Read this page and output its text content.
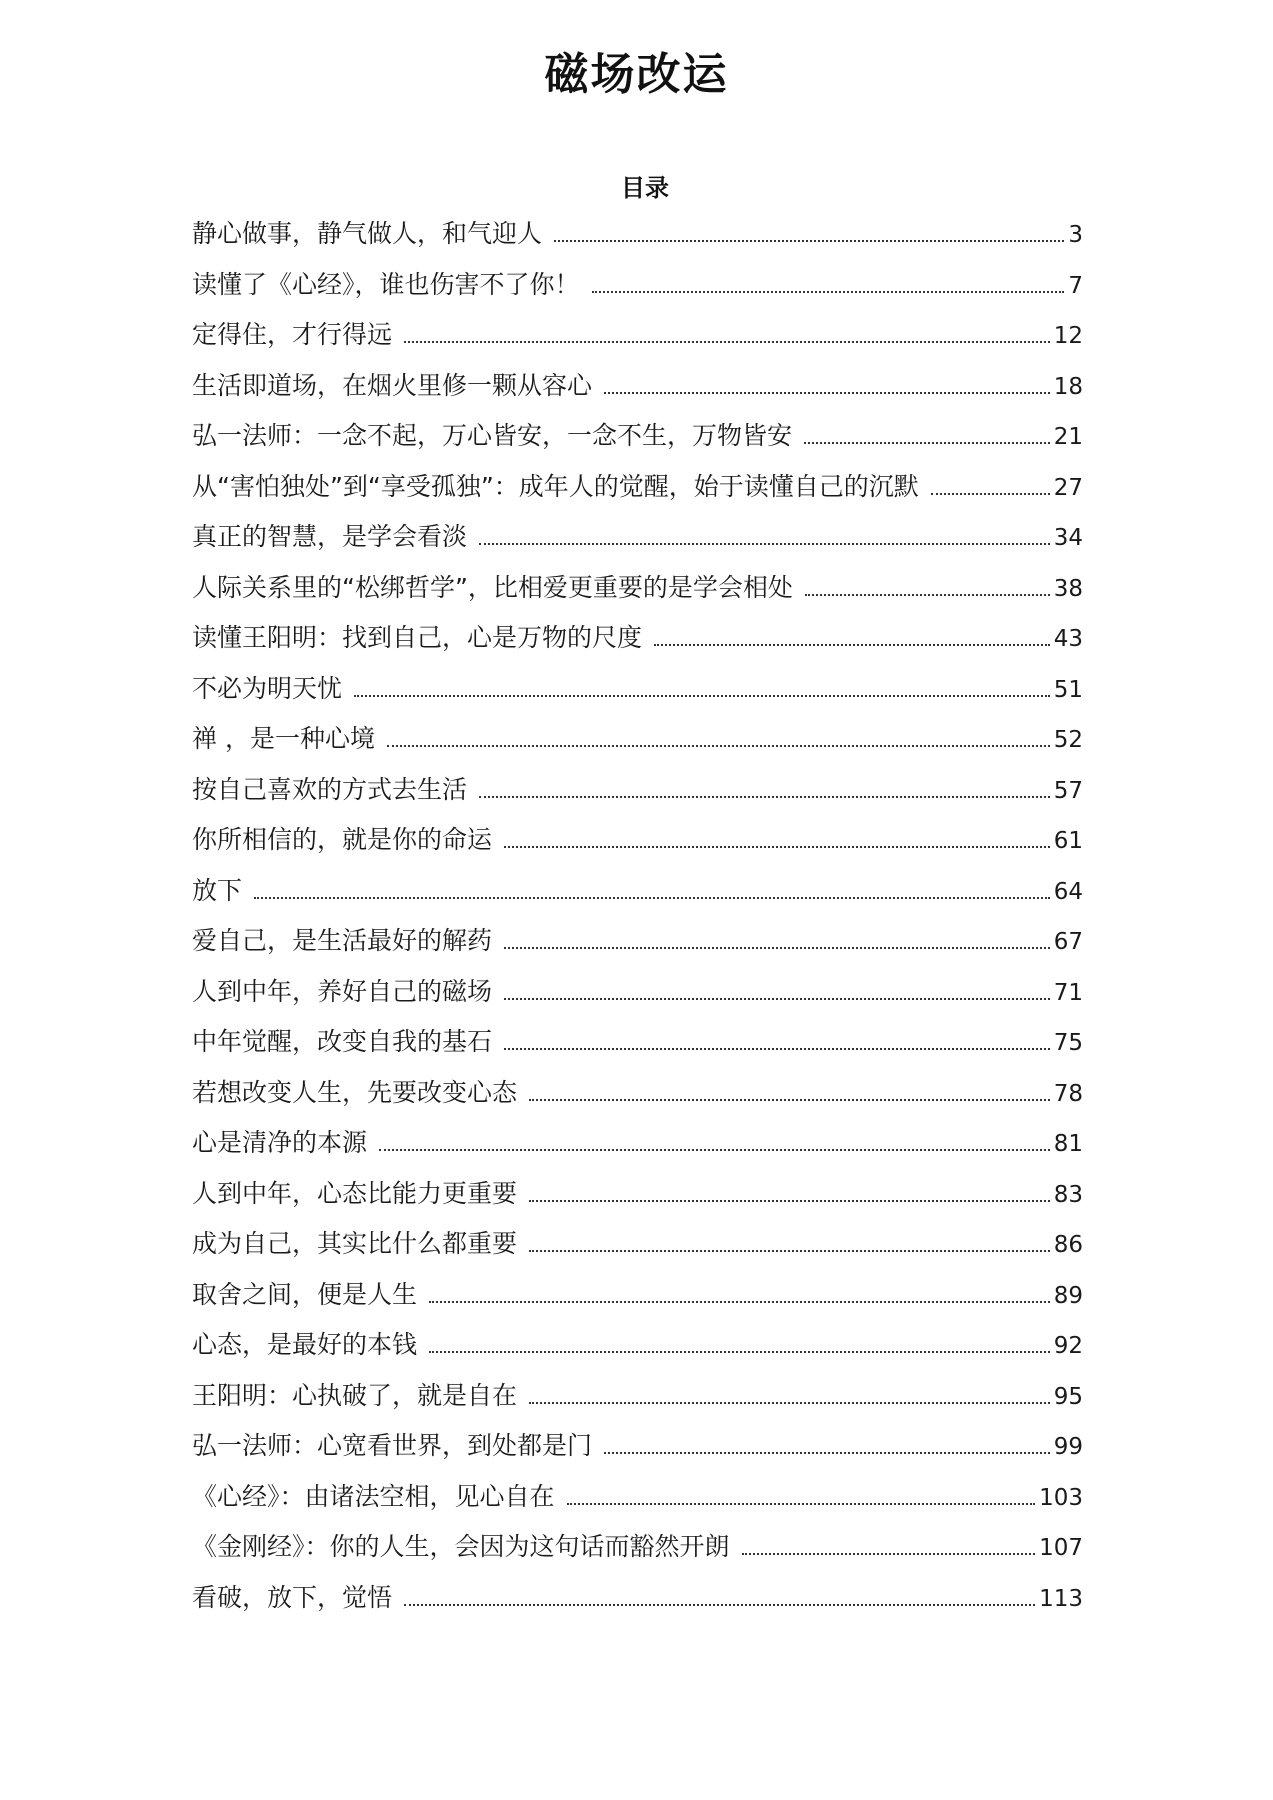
磁场改运
目录
静心做事，静气做人，和气迎人	3
读懂了《心经》，谁也伤害不了你！	7
定得住，才行得远	12
生活即道场，在烟火里修一颗从容心	18
弘一法师：一念不起，万心皆安，一念不生，万物皆安	21
从“害怕独处”到“享受孤独”：成年人的觉醒，始于读懂自己的沉默	27
真正的智慧，是学会看淡	34
人际关系里的“松绑哲学”，比相爱更重要的是学会相处	38
读懂王阳明：找到自己，心是万物的尺度	43
不必为明天忧	51
禅 ，是一种心境	52
按自己喜欢的方式去生活	57
你所相信的，就是你的命运	61
放下	64
爱自己，是生活最好的解药	67
人到中年，养好自己的磁场	71
中年觉醒，改变自我的基石	75
若想改变人生，先要改变心态	78
心是清净的本源	81
人到中年，心态比能力更重要	83
成为自己，其实比什么都重要	86
取舍之间，便是人生	89
心态，是最好的本钱	92
王阳明：心执破了，就是自在	95
弘一法师：心宽看世界，到处都是门	99
《心经》：由诸法空相，见心自在	103
《金刚经》：你的人生，会因为这句话而豁然开朗	107
看破，放下，觉悟	113
